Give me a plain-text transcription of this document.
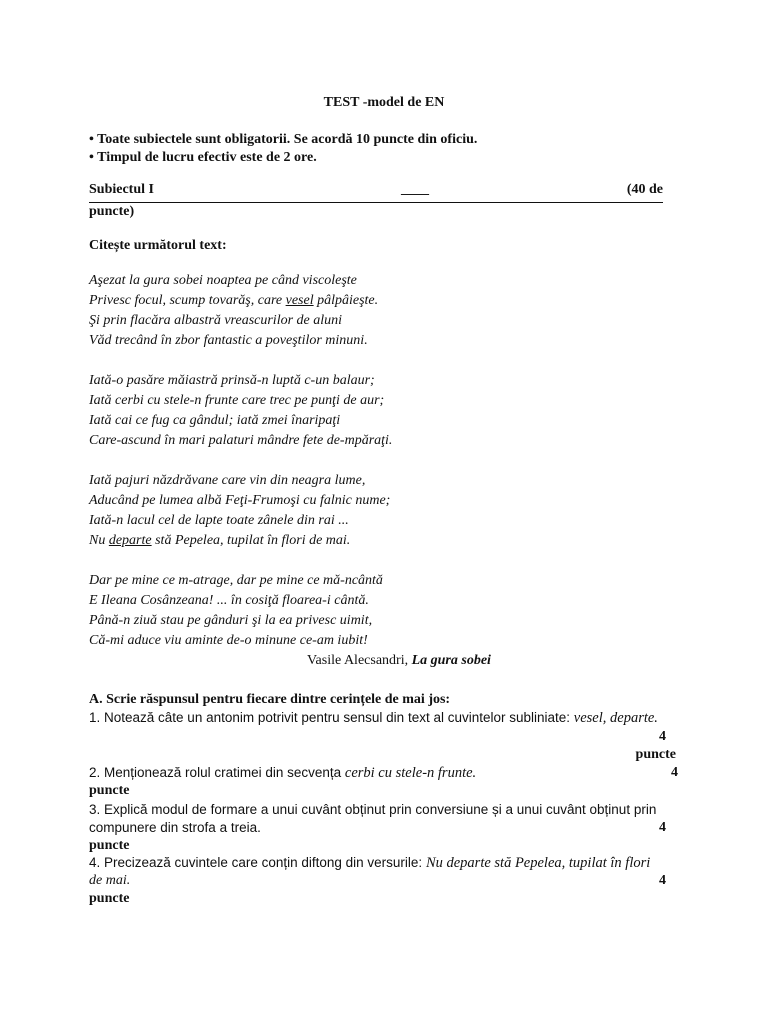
TEST -model de EN
• Toate subiectele sunt obligatorii. Se acordă 10 puncte din oficiu.
• Timpul de lucru efectiv este de 2 ore.
Subiectul I	____	(40 de
puncte)
Citește următorul text:
Aşezat la gura sobei noaptea pe când viscoleşte
Privesc focul, scump tovarăş, care vesel pâlpâieşte.
Şi prin flacăra albastră vreascurilor de aluni
Văd trecând în zbor fantastic a poveştilor minuni.
Iată-o pasăre măiastră prinsă-n luptă c-un balaur;
Iată cerbi cu stele-n frunte care trec pe punţi de aur;
Iată cai ce fug ca gândul; iată zmei înaripaţi
Care-ascund în mari palaturi mândre fete de-mpăraţi.
Iată pajuri năzdrăvane care vin din neagra lume,
Aducând pe lumea albă Feţi-Frumoşi cu falnic nume;
Iată-n lacul cel de lapte toate zânele din rai ...
Nu departe stă Pepelea, tupilat în flori de mai.
Dar pe mine ce m-atrage, dar pe mine ce mă-ncântă
E Ileana Cosânzeana! ... în cosiţă floarea-i cântă.
Până-n ziuă stau pe gânduri şi la ea privesc uimit,
Că-mi aduce viu aminte de-o minune ce-am iubit!
Vasile Alecsandri, La gura sobei
A. Scrie răspunsul pentru fiecare dintre cerințele de mai jos:
1. Notează câte un antonim potrivit pentru sensul din text al cuvintelor subliniate: vesel, departe.
4
puncte
2. Menționează rolul cratimei din secvența cerbi cu stele-n frunte.	4
puncte
3. Explică modul de formare a unui cuvânt obținut prin conversiune și a unui cuvânt obținut prin
compunere din strofa a treia.	4
puncte
4. Precizează cuvintele care conțin diftong din versurile: Nu departe stă Pepelea, tupilat în flori
de mai.	4
puncte
